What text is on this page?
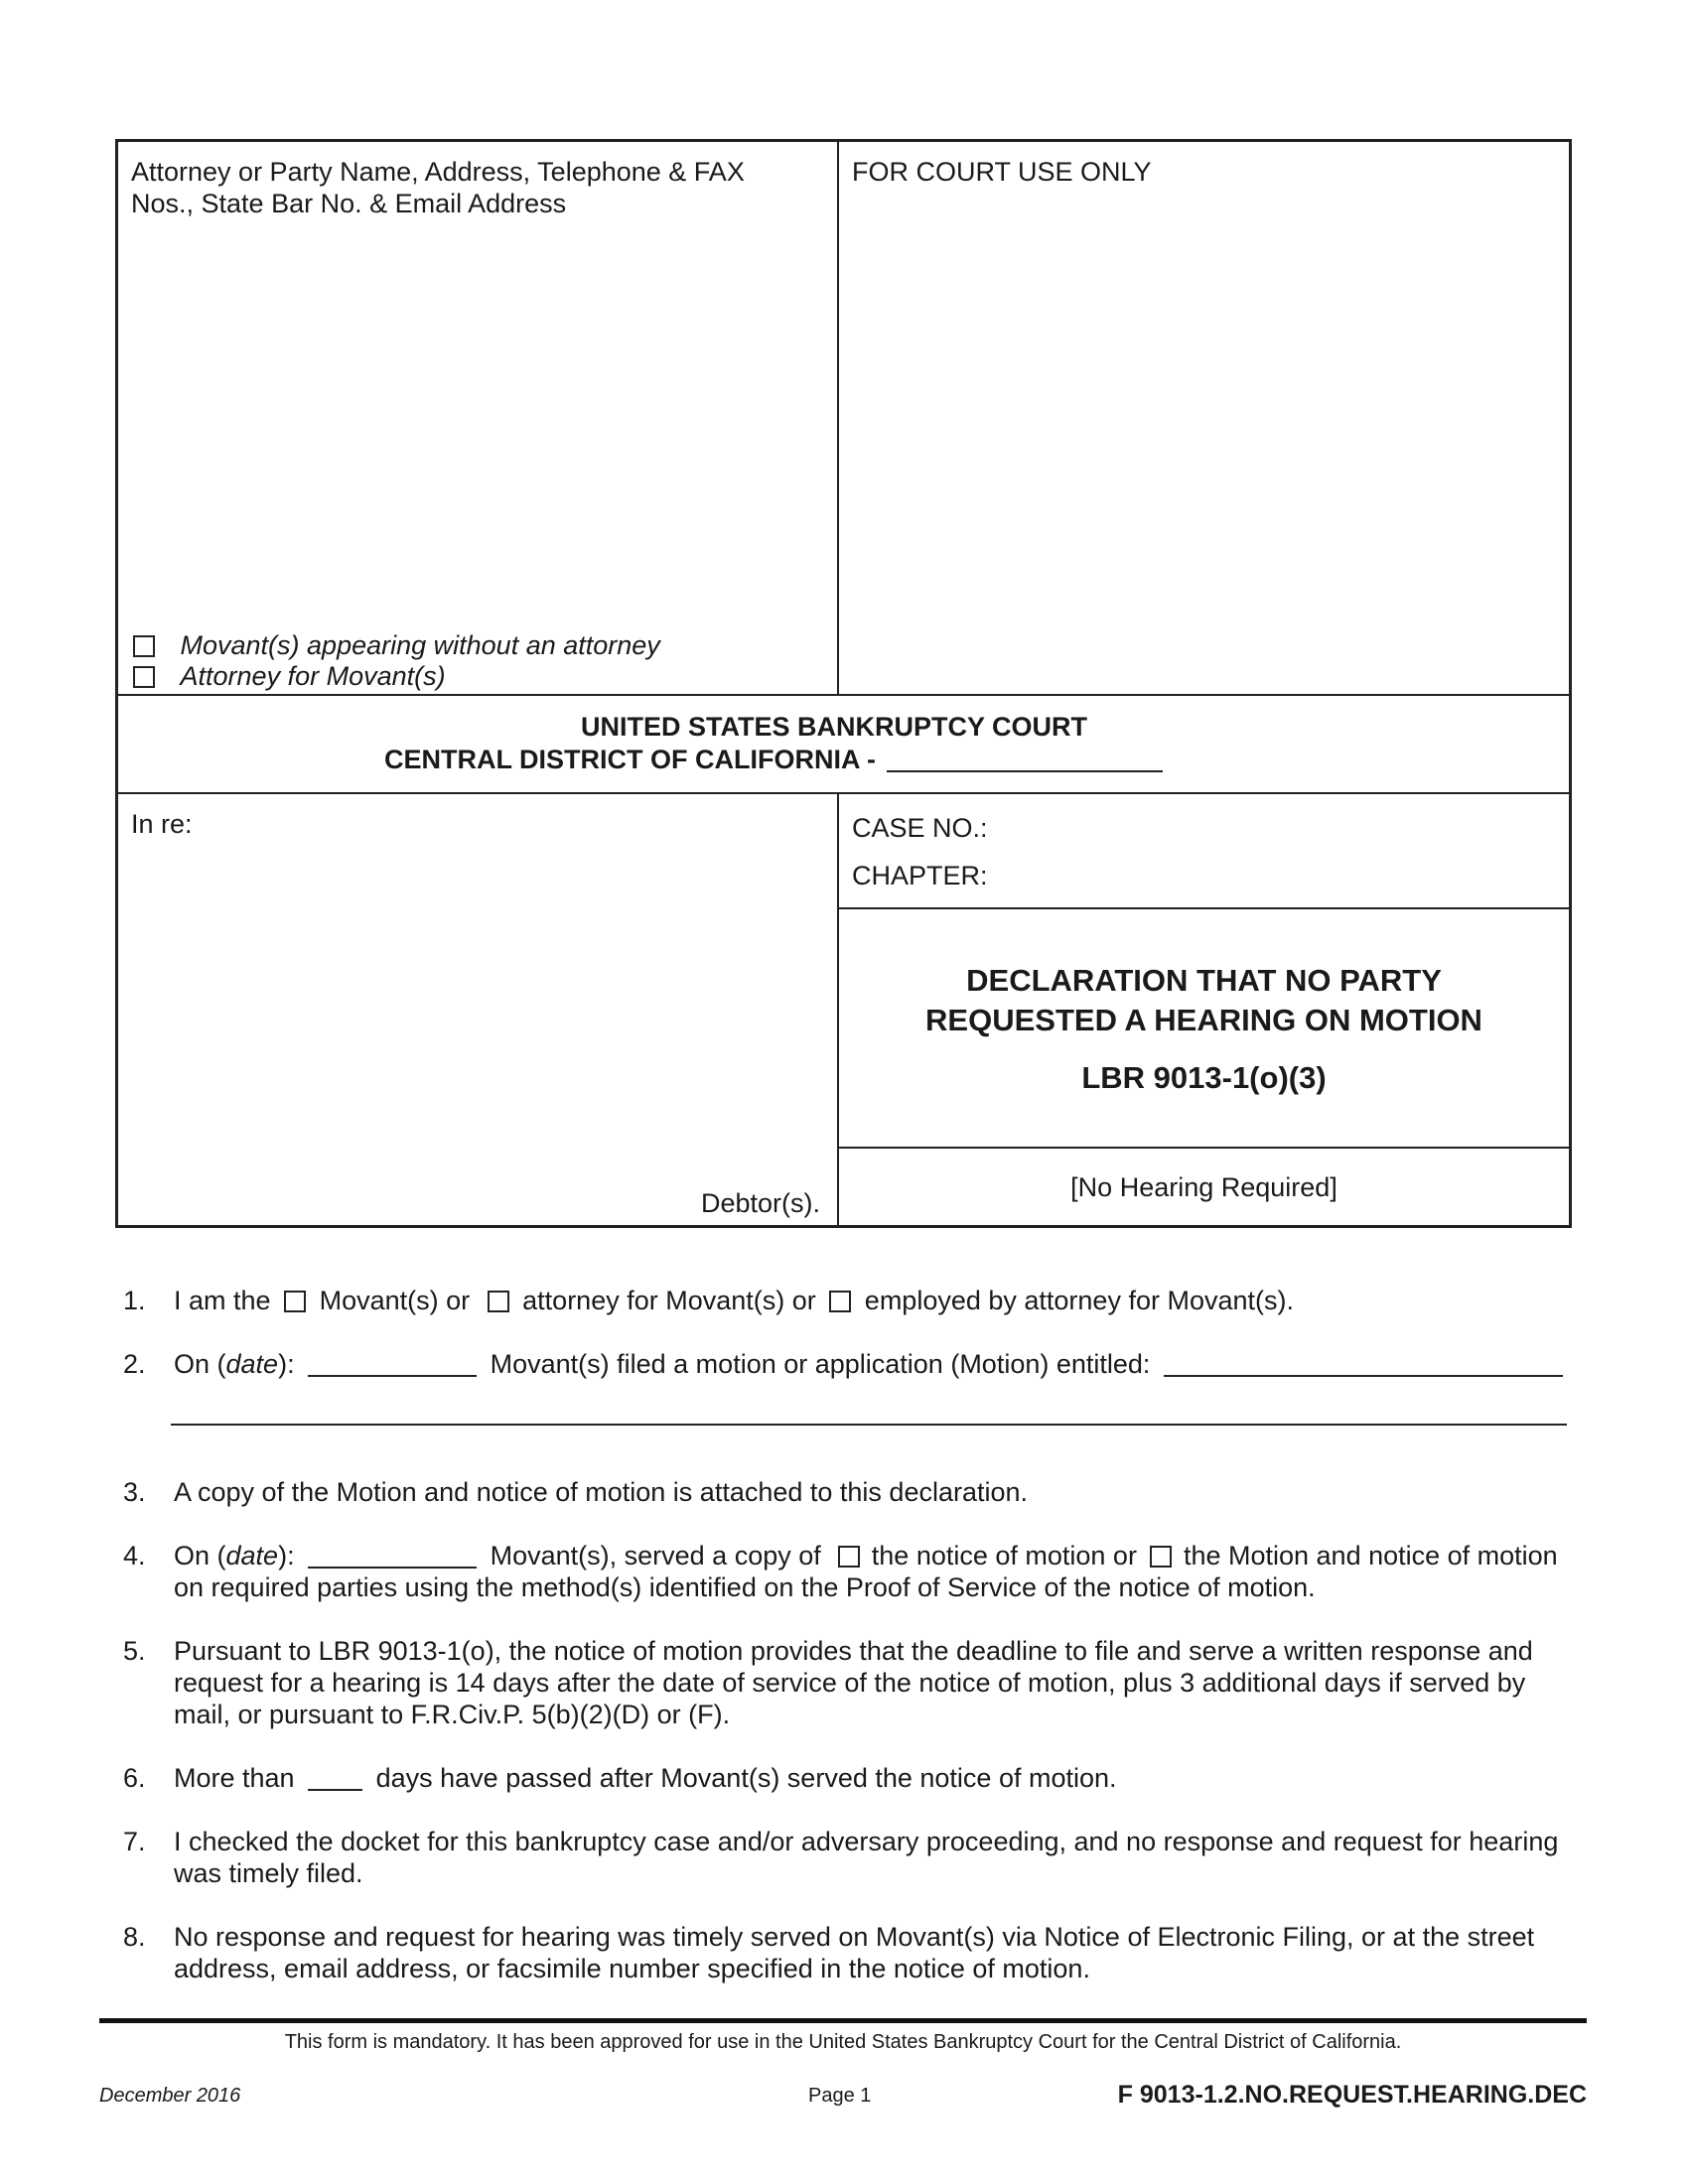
Attorney or Party Name, Address, Telephone & FAX
Nos., State Bar No. & Email Address
FOR COURT USE ONLY
Movant(s) appearing without an attorney
Attorney for Movant(s)
UNITED STATES BANKRUPTCY COURT
CENTRAL DISTRICT OF CALIFORNIA -
In re:
Debtor(s).
CASE NO.:
CHAPTER:
DECLARATION THAT NO PARTY
REQUESTED A HEARING ON MOTION
LBR 9013-1(o)(3)
[No Hearing Required]
1. I am the Movant(s) or attorney for Movant(s) or employed by attorney for Movant(s).
2. On (date):	Movant(s) filed a motion or application (Motion) entitled:
3. A copy of the Motion and notice of motion is attached to this declaration.
4. On (date):	Movant(s), served a copy of the notice of motion or the Motion and notice of motion
on required parties using the method(s) identified on the Proof of Service of the notice of motion.
5. Pursuant to LBR 9013-1(o), the notice of motion provides that the deadline to file and serve a written response and
request for a hearing is 14 days after the date of service of the notice of motion, plus 3 additional days if served by
mail, or pursuant to F.R.Civ.P. 5(b)(2)(D) or (F).
6. More than	days have passed after Movant(s) served the notice of motion.
7. I checked the docket for this bankruptcy case and/or adversary proceeding, and no response and request for hearing
was timely filed.
8. No response and request for hearing was timely served on Movant(s) via Notice of Electronic Filing, or at the street
address, email address, or facsimile number specified in the notice of motion.
This form is mandatory. It has been approved for use in the United States Bankruptcy Court for the Central District of California.
December 2016	Page 1	F 9013-1.2.NO.REQUEST.HEARING.DEC
